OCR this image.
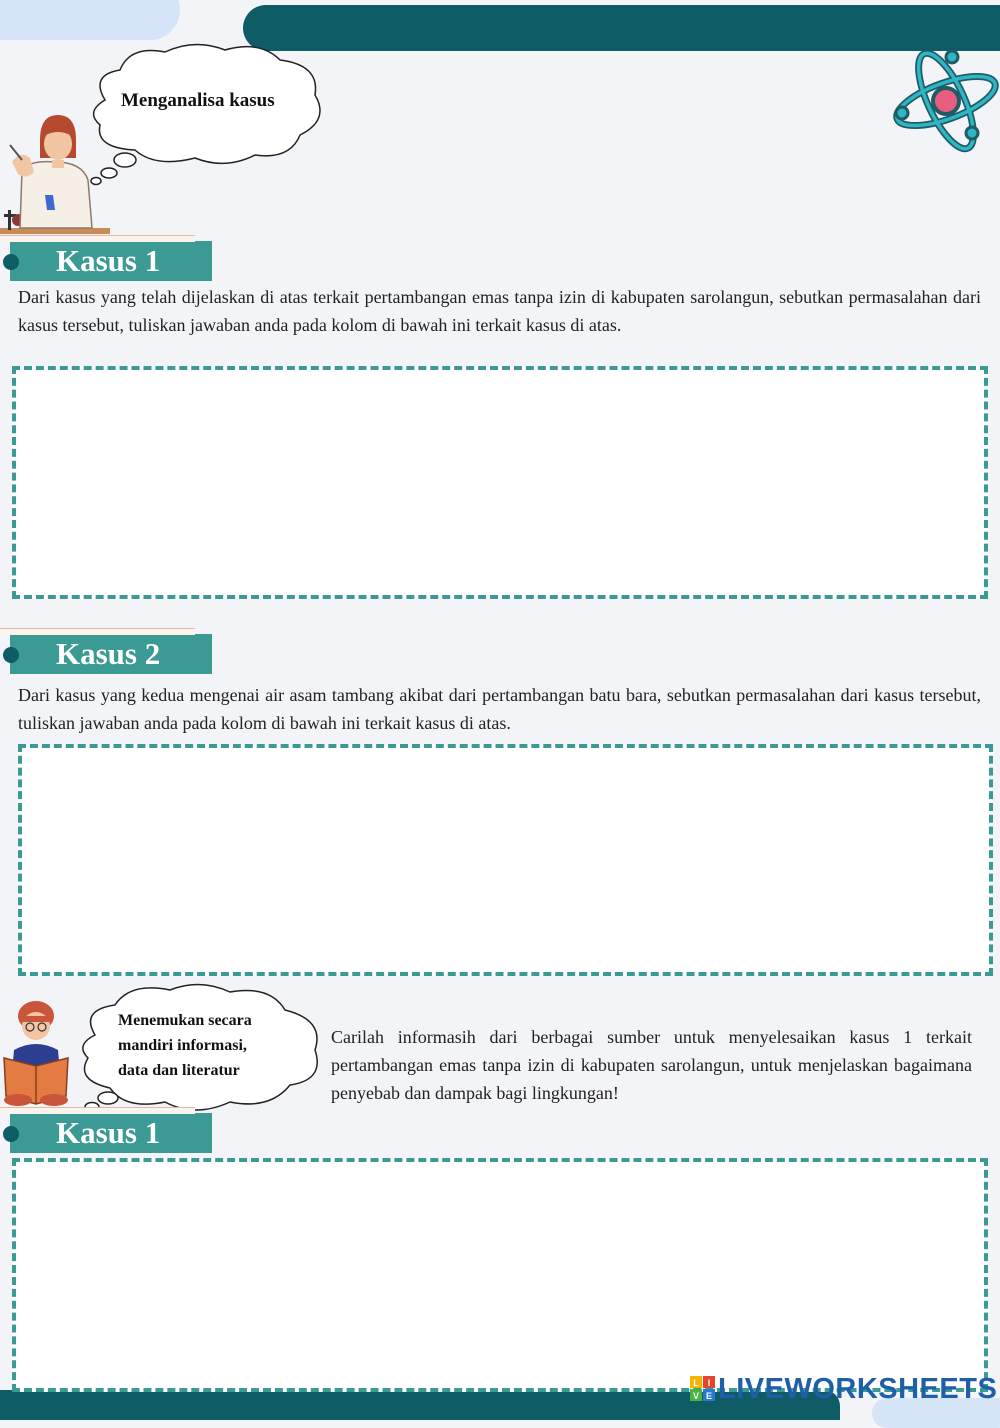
Menganalisa kasus
Kasus 1
Dari kasus yang telah dijelaskan di atas terkait pertambangan emas tanpa izin di kabupaten sarolangun, sebutkan permasalahan dari kasus tersebut, tuliskan jawaban anda pada kolom di bawah ini terkait kasus di atas.
Kasus 2
Dari kasus yang kedua mengenai air asam tambang akibat dari pertambangan batu bara, sebutkan permasalahan dari kasus tersebut, tuliskan jawaban anda pada kolom di bawah ini terkait kasus di atas.
Menemukan secara
mandiri informasi,
data dan literatur
Carilah informasih dari berbagai sumber untuk menyelesaikan kasus 1 terkait pertambangan emas tanpa izin di kabupaten sarolangun, untuk menjelaskan bagaimana penyebab dan dampak bagi lingkungan!
Kasus 1
L I
V E LIVEWORKSHEETS
